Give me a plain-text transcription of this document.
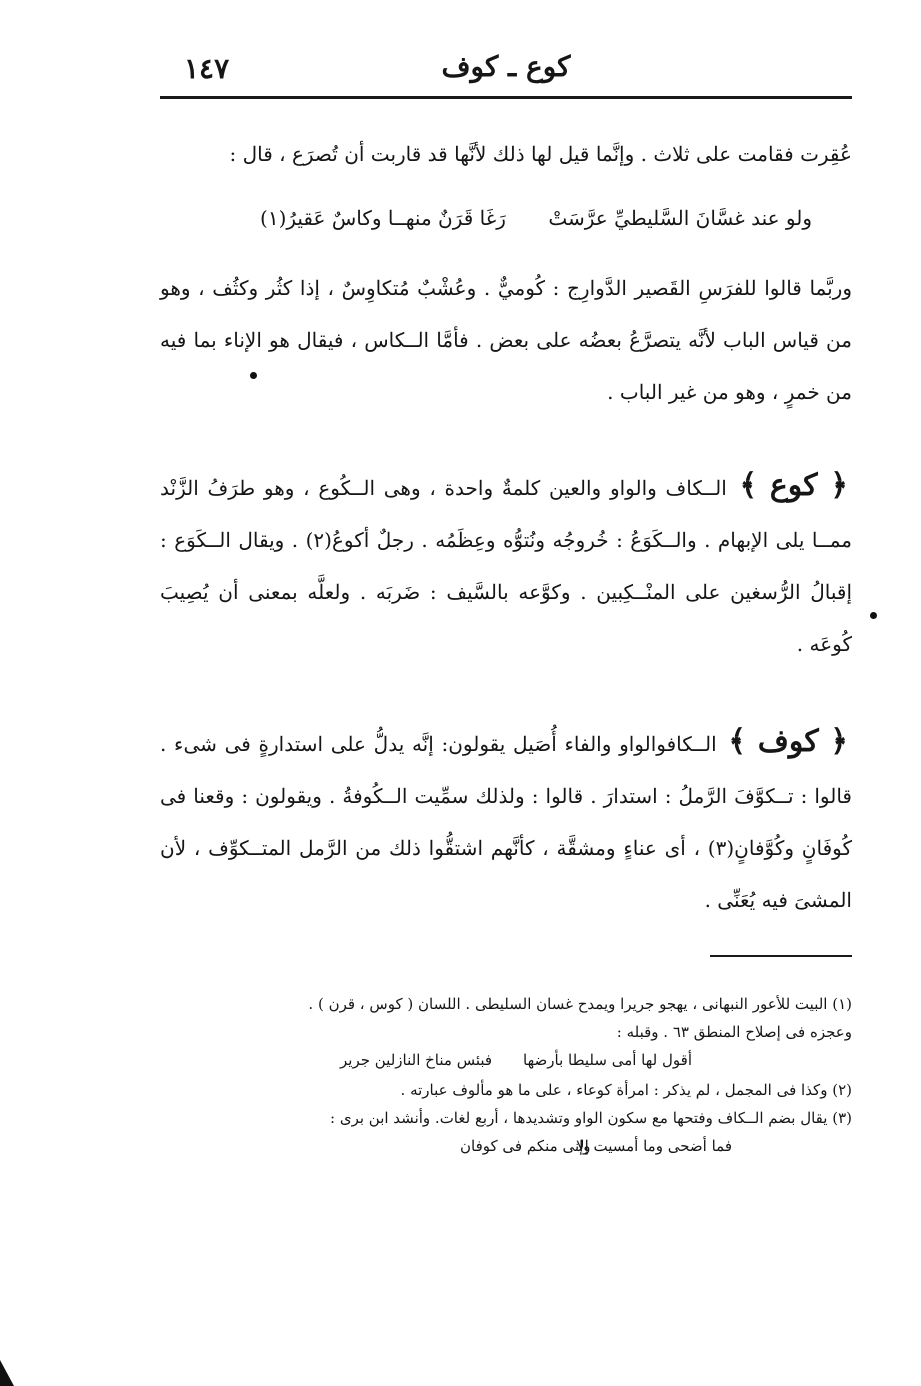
كوع ـ كوف
١٤٧
عُقِرت فقامت على ثلاث . وإنَّما قيل لها ذلك لأنَّها قد قاربت أن تُصرَع ، قال :
ولو عند غسَّانَ السَّليطيِّ عرَّسَتْ
رَغَا قَرَنٌ منهــا وكاسٌ عَقيرُ(١)
وربَّما قالوا للفرَسِ القَصير الدَّوارِج : كُوميٌّ . وعُشْبٌ مُتكاوِسٌ ، إذا كثُر وكثُف ، وهو من قياس الباب لأنَّه يتصرَّعُ بعضُه على بعض . فأمَّا الــكاس ، فيقال هو الإناء بما فيه من خمرٍ ، وهو من غير الباب .
﴿ كوع ﴾ الــكاف والواو والعين كلمةٌ واحدة ، وهى الــكُوع ، وهو طرَفُ الزَّنْد ممــا يلى الإبهام . والــكَوَعُ : خُروجُه ونُتوُّه وعِظَمُه . رجلٌ أكوعُ(٢) . ويقال الــكَوَع : إقبالُ الرُّسغين على المنْــكِبين . وكوَّعه بالسَّيف : ضَربَه . ولعلَّه بمعنى أن يُصِيبَ كُوعَه .
﴿ كوف ﴾ الــكافوالواو والفاء أُصَيل يقولون: إنَّه يدلُّ على استدارةٍ فى شىء . قالوا : تــكوَّفَ الرَّملُ : استدارَ . قالوا : ولذلك سمِّيت الــكُوفةُ . ويقولون : وقعنا فى كُوفَانٍ وكُوَّفانٍ(٣) ، أى عناءٍ ومشقَّة ، كأنَّهم اشتقُّوا ذلك من الرَّمل المتــكوِّف ، لأن المشىَ فيه يُعَنِّى .
(١) البيت للأعور النبهانى ، يهجو جريرا ويمدح غسان السليطى . اللسان ( كوس ، قرن ) .
وعجزه فى إصلاح المنطق ٦٣ . وقبله :
أقول لها أمى سليطا بأرضها
فبئس مناخ النازلين جرير
(٢) وكذا فى المجمل ، لم يذكر : امرأة كوعاء ، على ما هو مألوف عبارته .
(٣) يقال بضم الــكاف وفتحها مع سكون الواو وتشديدها ، أربع لغات. وأنشد ابن برى :
فما أضحى وما أمسيت إلا
وإنى منكم فى كوفان
